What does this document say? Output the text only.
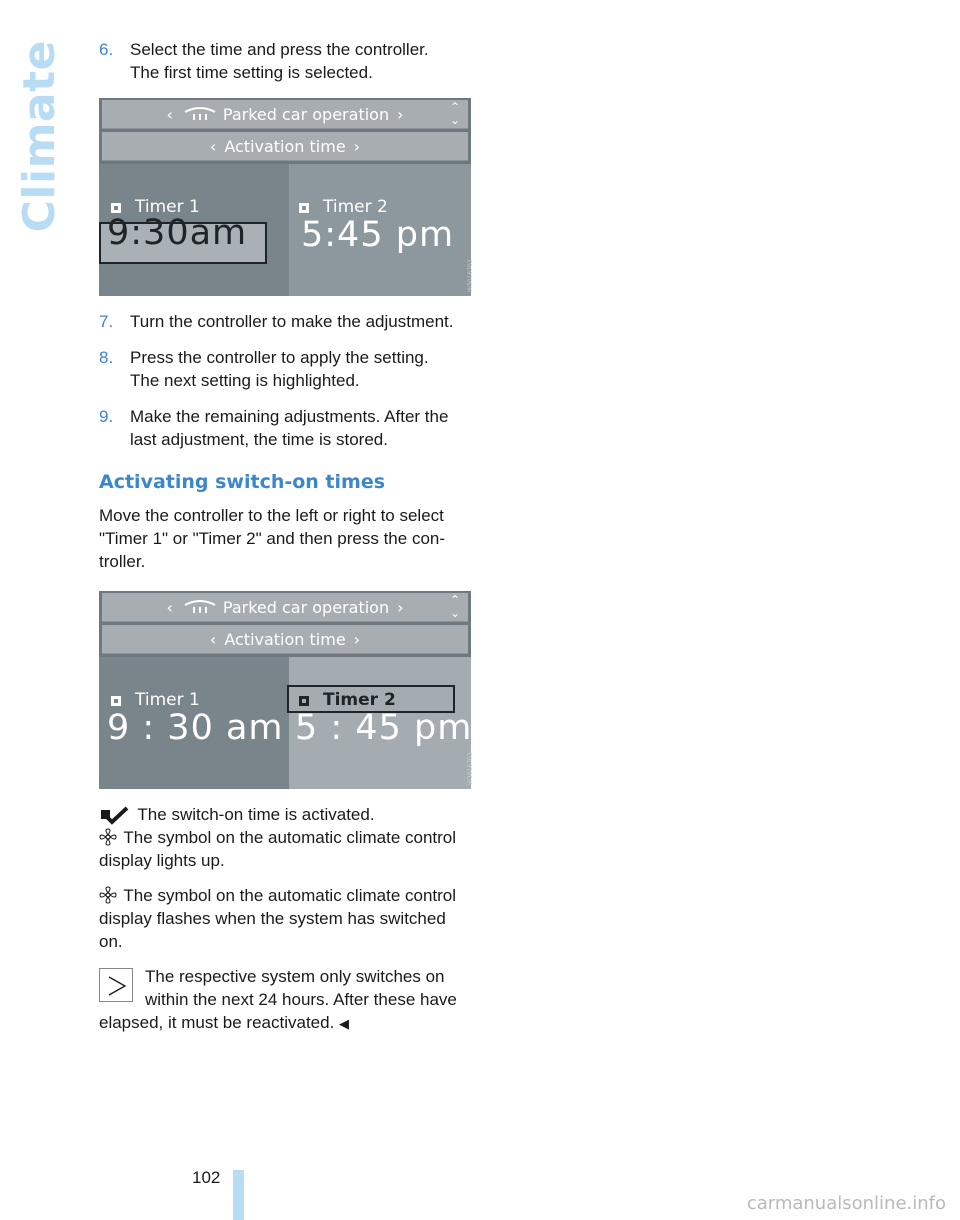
Climate 6. Select the time and press the controller.
The first time setting is selected.
‹	Parked car operation ›	⌃
⌄
‹ Activation time ›
Timer 1
9:30am
Timer 2
5:45 pm
7. Turn the controller to make the adjustment.
8. Press the controller to apply the setting.
The next setting is highlighted.
9. Make the remaining adjustments. After the
last adjustment, the time is stored.
Activating switch-on times

Move the controller to the left or right to select "Timer 1" or "Timer 2" and then press the con-troller.

‹	Parked car operation ›	⌃
⌄
‹ Activation time ›
Timer 1
9 : 30 am
Timer 2
5 : 45 pm

The switch-on time is activated.

The symbol on the automatic climate control display lights up.

The symbol on the automatic climate control display flashes when the system has switched on.

The respective system only switches on within the next 24 hours. After these have elapsed, it must be reactivated. ◀
102
carmanualsonline.info
